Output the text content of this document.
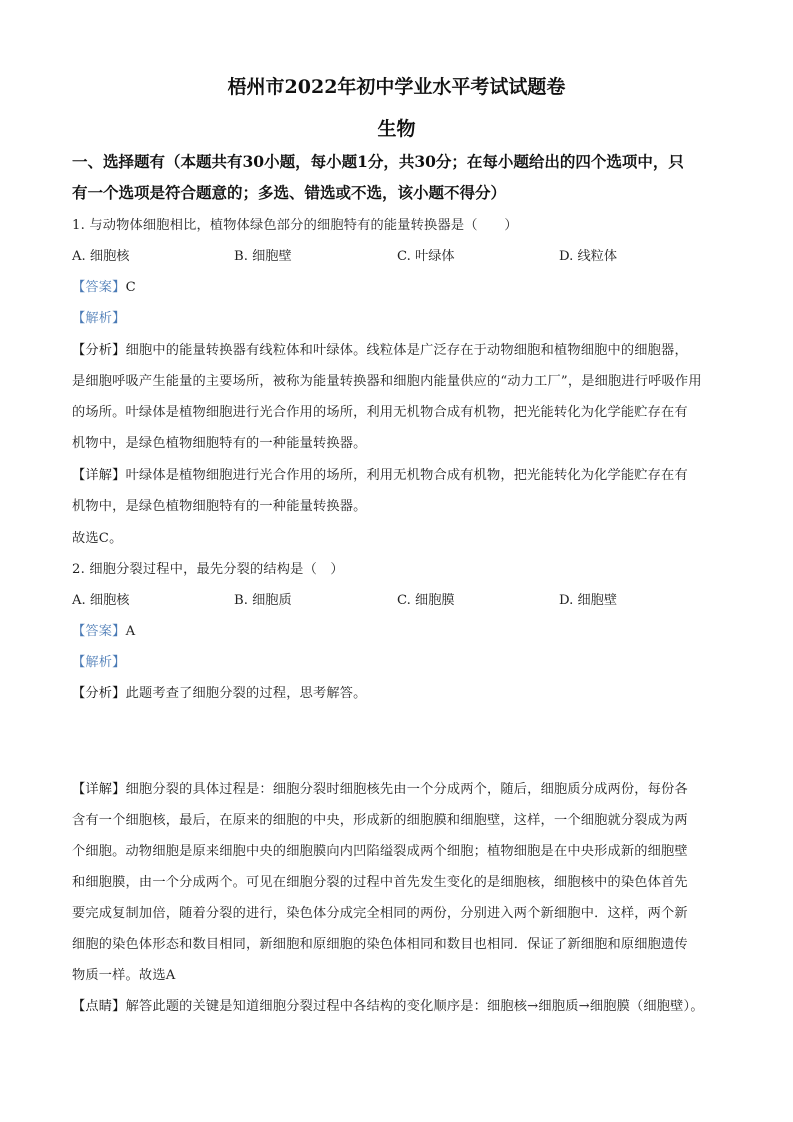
梧州市2022年初中学业水平考试试题卷
生物
一、选择题有（本题共有30小题，每小题1分，共30分；在每小题给出的四个选项中，只
有一个选项是符合题意的；多选、错选或不选，该小题不得分）
1. 与动物体细胞相比，植物体绿色部分的细胞特有的能量转换器是（　　）
A. 细胞核	B. 细胞壁	C. 叶绿体	D. 线粒体
【答案】C
【解析】
【分析】细胞中的能量转换器有线粒体和叶绿体。线粒体是广泛存在于动物细胞和植物细胞中的细胞器，
是细胞呼吸产生能量的主要场所，被称为能量转换器和细胞内能量供应的“动力工厂”，是细胞进行呼吸作用
的场所。叶绿体是植物细胞进行光合作用的场所，利用无机物合成有机物，把光能转化为化学能贮存在有
机物中，是绿色植物细胞特有的一种能量转换器。
【详解】叶绿体是植物细胞进行光合作用的场所，利用无机物合成有机物，把光能转化为化学能贮存在有
机物中，是绿色植物细胞特有的一种能量转换器。
故选C。
2. 细胞分裂过程中，最先分裂的结构是（　）
A. 细胞核	B. 细胞质	C. 细胞膜	D. 细胞壁
【答案】A
【解析】
【分析】此题考查了细胞分裂的过程，思考解答。
【详解】细胞分裂的具体过程是：细胞分裂时细胞核先由一个分成两个，随后，细胞质分成两份，每份各
含有一个细胞核，最后，在原来的细胞的中央，形成新的细胞膜和细胞壁，这样，一个细胞就分裂成为两
个细胞。动物细胞是原来细胞中央的细胞膜向内凹陷缢裂成两个细胞；植物细胞是在中央形成新的细胞壁
和细胞膜，由一个分成两个。可见在细胞分裂的过程中首先发生变化的是细胞核，细胞核中的染色体首先
要完成复制加倍，随着分裂的进行，染色体分成完全相同的两份，分别进入两个新细胞中．这样，两个新
细胞的染色体形态和数目相同，新细胞和原细胞的染色体相同和数目也相同．保证了新细胞和原细胞遗传
物质一样。故选A
【点睛】解答此题的关键是知道细胞分裂过程中各结构的变化顺序是：细胞核→细胞质→细胞膜（细胞壁）。
